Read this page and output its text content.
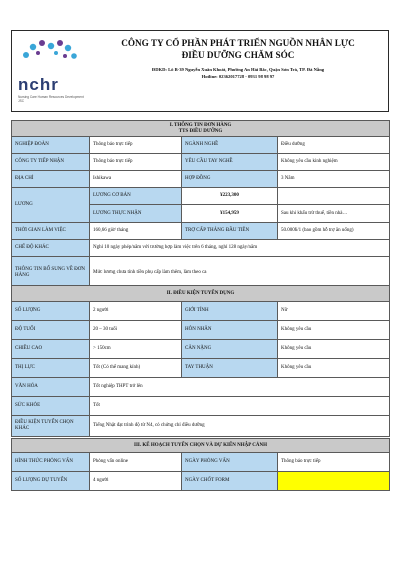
nchr
Nursing Care Human Resources Development JSC
CÔNG TY CỔ PHẦN PHÁT TRIỂN NGUỒN NHÂN LỰC
ĐIỀU DƯỠNG CHĂM SÓC
ĐDKD: Lô B-39 Nguyễn Xuân Khoát, Phường An Hải Bắc, Quận Sơn Trà, TP. Đà Nẵng
Hotline: 02362017728 - 0931 98 98 97
I. THÔNG TIN ĐƠN HÀNG
TTS ĐIỀU DƯỠNG			

NGHIỆP ĐOÀN	Thông báo trực tiếp	NGÀNH NGHỀ	Điều dưỡng
CÔNG TY TIẾP NHẬN	Thông báo trực tiếp	YÊU CẦU TAY NGHỀ	Không yêu cầu kinh nghiệm
ĐỊA CHỈ	Ishikawa	HỢP ĐỒNG	3 Năm
LƯƠNG	LƯƠNG CƠ BẢN	¥223,300	
	LƯƠNG THỰC NHẬN	¥154,959	Sau khi khấu trừ thuế, tiền nhà…
THỜI GIAN LÀM VIỆC	160,66 giờ/ tháng	TRỢ CẤP THÁNG ĐẦU TIÊN	50.000¥/1 (bao gồm hỗ trợ ăn uống)
CHẾ ĐỘ KHÁC	Nghỉ 10 ngày phép/năm với trường hợp làm việc trên 6 tháng, nghỉ 128 ngày/năm		
THÔNG TIN BỔ SUNG VỀ ĐƠN HÀNG	Mức lương chưa tính tiền phụ cấp làm thêm, làm theo ca		
II. ĐIỀU KIỆN TUYỂN DỤNG			
SỐ LƯỢNG	2 người	GIỚI TÍNH	Nữ
ĐỘ TUỔI	20 – 30 tuổi	HÔN NHÂN	Không yêu cầu
CHIỀU CAO	> 150cm	CÂN NẶNG	Không yêu cầu
THỊ LỰC	Tốt (Có thể mang kính)	TAY THUẬN	Không yêu cầu
VĂN HÓA	Tốt nghiệp THPT trở lên		
SỨC KHỎE	Tốt		
ĐIỀU KIỆN TUYỂN CHỌN KHÁC	Tiếng Nhật đạt trình độ từ N4, có chứng chỉ điều dưỡng		
III. KẾ HOẠCH TUYỂN CHỌN VÀ DỰ KIẾN NHẬP CẢNH			
HÌNH THỨC PHỎNG VẤN	Phỏng vấn online	NGÀY PHỎNG VẤN	Thông báo trực tiếp
SỐ LƯỢNG DỰ TUYỂN	4 người	NGÀY CHỐT FORM	
